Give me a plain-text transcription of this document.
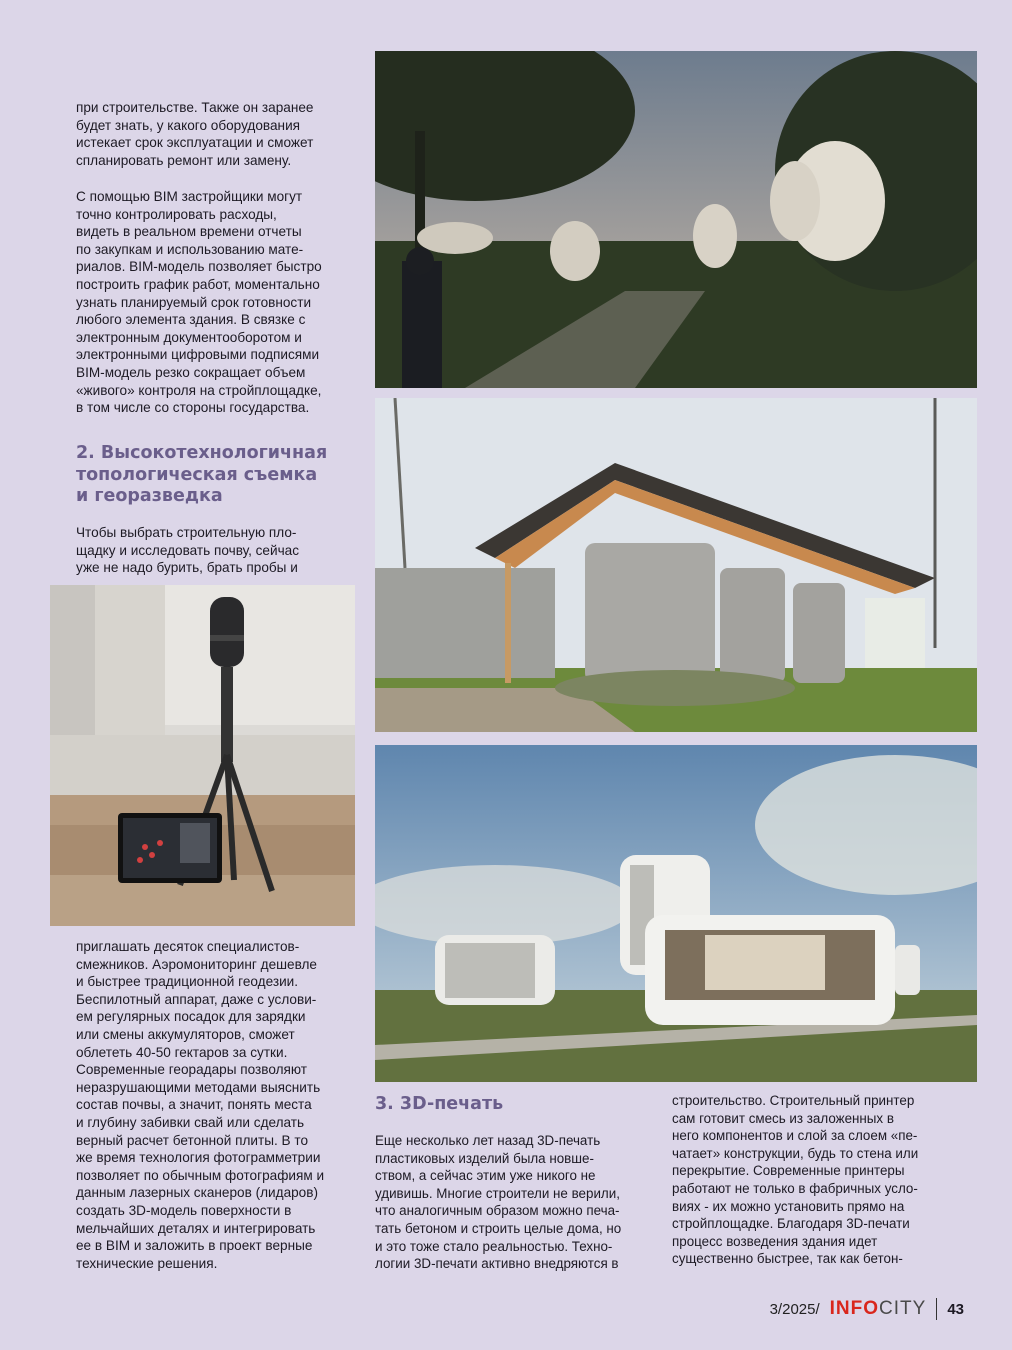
при строительстве. Также он заранее
будет знать, у какого оборудования
истекает срок эксплуатации и сможет
спланировать ремонт или замену.

С помощью BIM застройщики могут
точно контролировать расходы,
видеть в реальном времени отчеты
по закупкам и использованию мате-
риалов. BIM-модель позволяет быстро
построить график работ, моментально
узнать планируемый срок готовности
любого элемента здания. В связке с
электронным документооборотом и
электронными цифровыми подписями
BIM-модель резко сокращает объем
«живого» контроля на стройплощадке,
в том числе со стороны государства.

2. Высокотехнологичная
топологическая съемка
и георазведка

Чтобы выбрать строительную пло-
щадку и исследовать почву, сейчас
уже не надо бурить, брать пробы и

приглашать десяток специалистов-
смежников. Аэромониторинг дешевле
и быстрее традиционной геодезии.
Беспилотный аппарат, даже с услови-
ем регулярных посадок для зарядки
или смены аккумуляторов, сможет
облететь 40-50 гектаров за сутки.
Современные георадары позволяют
неразрушающими методами выяснить
состав почвы, а значит, понять места
и глубину забивки свай или сделать
верный расчет бетонной плиты. В то
же время технология фотограмметрии
позволяет по обычным фотографиям и
данным лазерных сканеров (лидаров)
создать 3D-модель поверхности в
мельчайших деталях и интегрировать
ее в BIM и заложить в проект верные
технические решения.

3. 3D-печать

Еще несколько лет назад 3D-печать
пластиковых изделий была новше-
ством, а сейчас этим уже никого не
удивишь. Многие строители не верили,
что аналогичным образом можно печа-
тать бетоном и строить целые дома, но
и это тоже стало реальностью. Техно-
логии 3D-печати активно внедряются в

строительство. Строительный принтер
сам готовит смесь из заложенных в
него компонентов и слой за слоем «пе-
чатает» конструкции, будь то стена или
перекрытие. Современные принтеры
работают не только в фабричных усло-
виях - их можно установить прямо на
стройплощадке. Благодаря 3D-печати
процесс возведения здания идет
существенно быстрее, так как бетон-

3/2025/ INFOCITY 43
